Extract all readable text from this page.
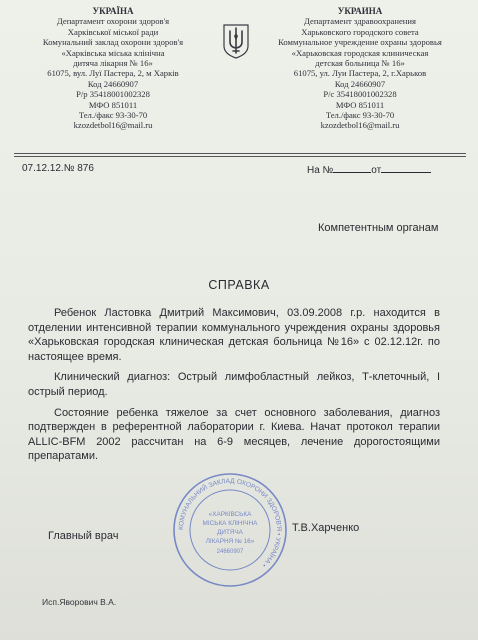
УКРАЇНА
Департамент охорони здоров'я
Харківської міської ради
Комунальний заклад охорони здоров'я
«Харківська міська клінічна
дитяча лікарня № 16»
61075, вул. Луї Пастера, 2, м Харків
Код 24660907
Р/р 35418001002328
МФО 851011
Тел./факс 93-30-70
kzozdetbol16@mail.ru
УКРАИНА
Департамент здравоохранения
Харьковского городского совета
Коммунальное учреждение охраны здоровья
«Харьковская городская клиническая
детская больница № 16»
61075, ул. Луи Пастера, 2, г.Харьков
Код 24660907
Р/с 35418001002328
МФО 851011
Тел./факс 93-30-70
kzozdetbol16@mail.ru
07.12.12.№ 876	На №	от
Компетентным органам
СПРАВКА

Ребенок Ластовка Дмитрий Максимович, 03.09.2008 г.р. находится в отделении интенсивной терапии коммунального учреждения охраны здоровья «Харьковская городская клиническая детская больница №16» с 02.12.12г. по настоящее время.

Клинический диагноз: Острый лимфобластный лейкоз, Т-клеточный, I острый период.

Состояние ребенка тяжелое за счет основного заболевания, диагноз подтвержден в референтной лаборатории г. Киева. Начат протокол терапии ALLIC-BFM 2002 рассчитан на 6-9 месяцев, лечение дорогостоящими препаратами.

КОМУНАЛЬНИЙ ЗАКЛАД ОХОРОНИ ЗДОРОВ'Я • УКРАЇНА •
«ХАРКІВСЬКА
МІСЬКА КЛІНІЧНА
ДИТЯЧА
ЛІКАРНЯ № 16»
24660907
Главный врач
Т.В.Харченко
Исп.Яворович В.А.
